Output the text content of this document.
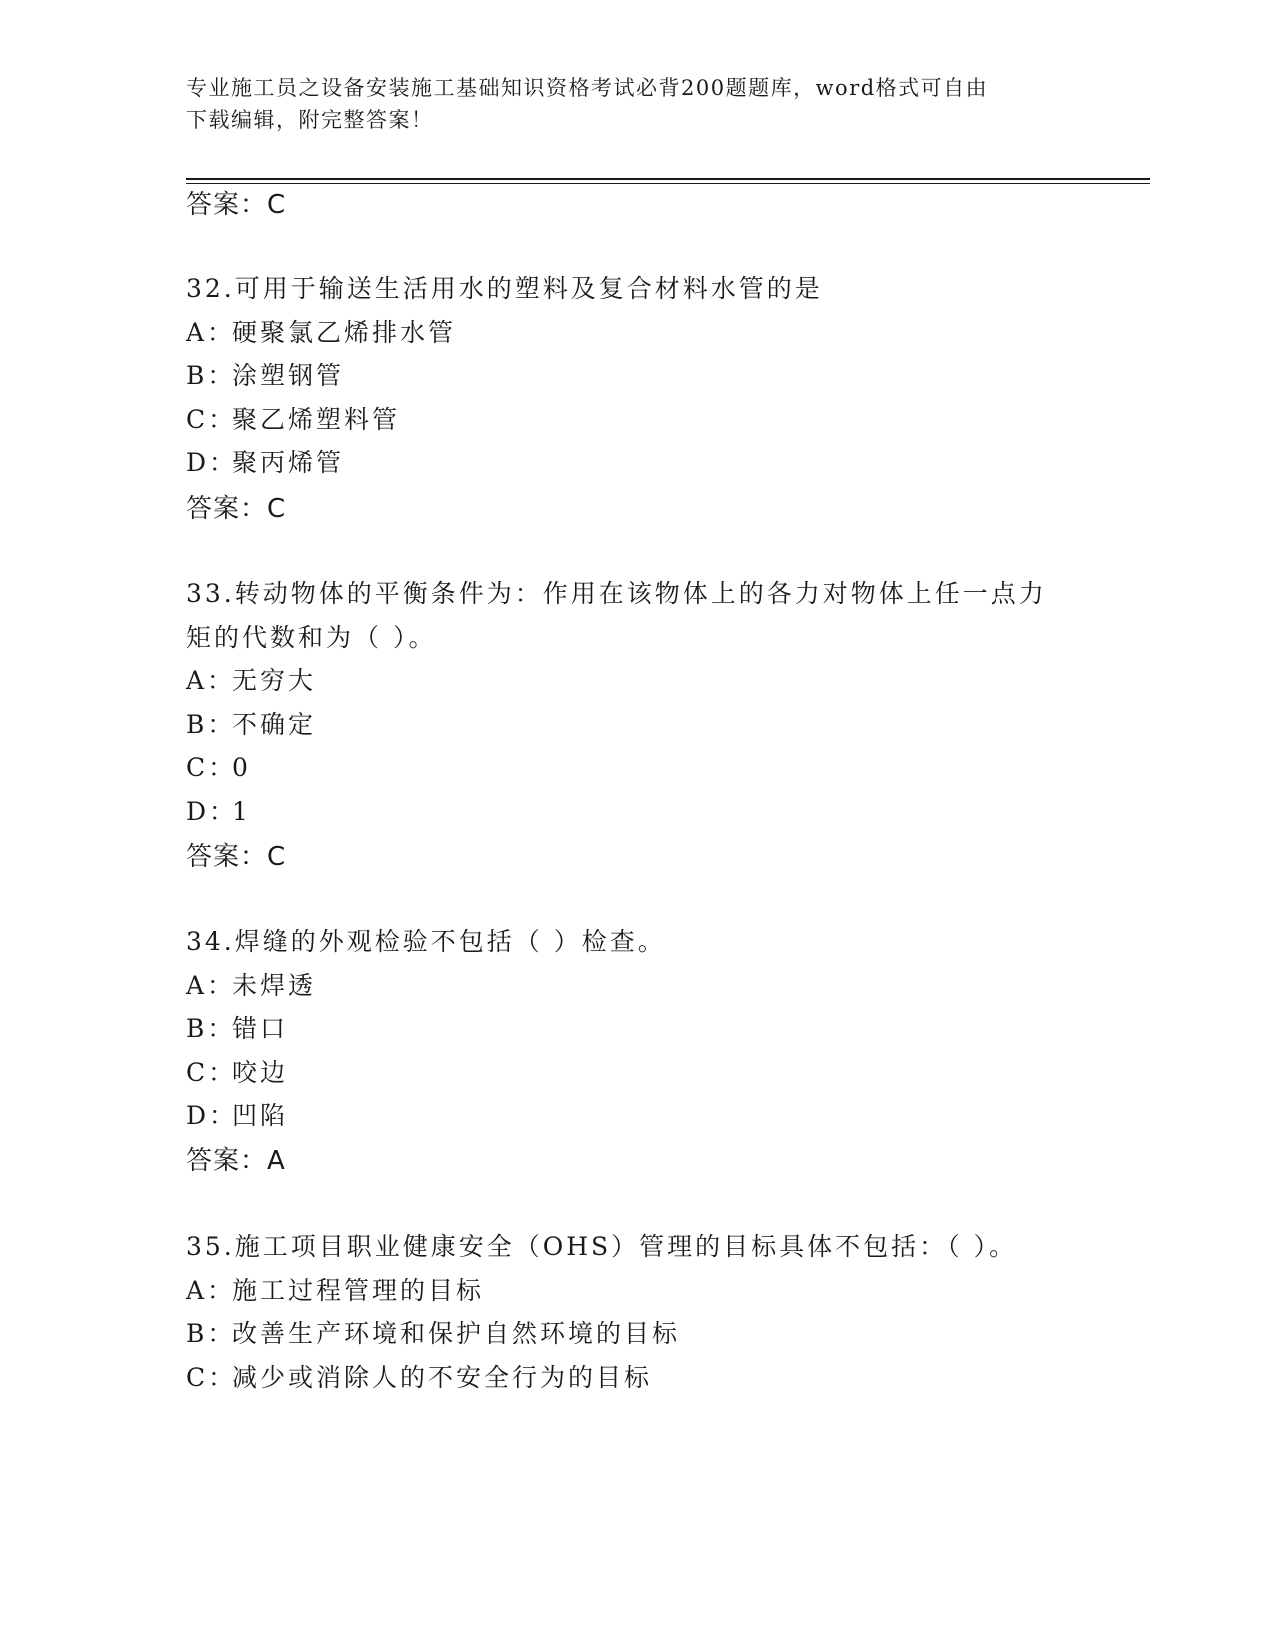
专业施工员之设备安装施工基础知识资格考试必背200题题库，word格式可自由
下载编辑，附完整答案！
答案：C
32.可用于输送生活用水的塑料及复合材料水管的是
A：硬聚氯乙烯排水管
B：涂塑钢管
C：聚乙烯塑料管
D：聚丙烯管
答案：C
33.转动物体的平衡条件为：作用在该物体上的各力对物体上任一点力
矩的代数和为（ ）。
A：无穷大
B：不确定
C：0
D：1
答案：C
34.焊缝的外观检验不包括（ ）检查。
A：未焊透
B：错口
C：咬边
D：凹陷
答案：A
35.施工项目职业健康安全（OHS）管理的目标具体不包括：（ ）。
A：施工过程管理的目标
B：改善生产环境和保护自然环境的目标
C：减少或消除人的不安全行为的目标
